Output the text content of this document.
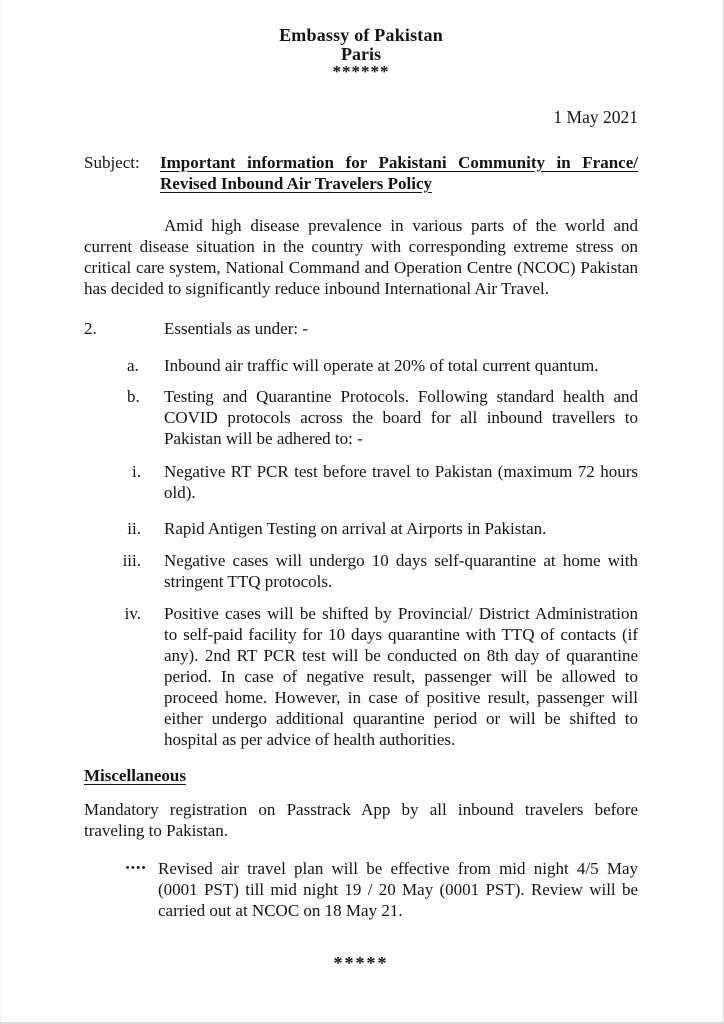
Embassy of Pakistan
Paris
******
1 May 2021
Subject:	Important information for Pakistani Community in France/
Revised Inbound Air Travelers Policy
Amid high disease prevalence in various parts of the world and current disease situation in the country with corresponding extreme stress on critical care system, National Command and Operation Centre (NCOC) Pakistan has decided to significantly reduce inbound International Air Travel.
2.	Essentials as under: -
a.	Inbound air traffic will operate at 20% of total current quantum.
b.	Testing and Quarantine Protocols. Following standard health and COVID protocols across the board for all inbound travellers to Pakistan will be adhered to: -
i.	Negative RT PCR test before travel to Pakistan (maximum 72 hours old).
ii.	Rapid Antigen Testing on arrival at Airports in Pakistan.
iii.	Negative cases will undergo 10 days self-quarantine at home with stringent TTQ protocols.
iv.	Positive cases will be shifted by Provincial/ District Administration to self-paid facility for 10 days quarantine with TTQ of contacts (if any). 2nd RT PCR test will be conducted on 8th day of quarantine period. In case of negative result, passenger will be allowed to proceed home. However, in case of positive result, passenger will either undergo additional quarantine period or will be shifted to hospital as per advice of health authorities.
Miscellaneous
Mandatory registration on Passtrack App by all inbound travelers before traveling to Pakistan.
•••• Revised air travel plan will be effective from mid night 4/5 May (0001 PST) till mid night 19 / 20 May (0001 PST). Review will be carried out at NCOC on 18 May 21.
*****
